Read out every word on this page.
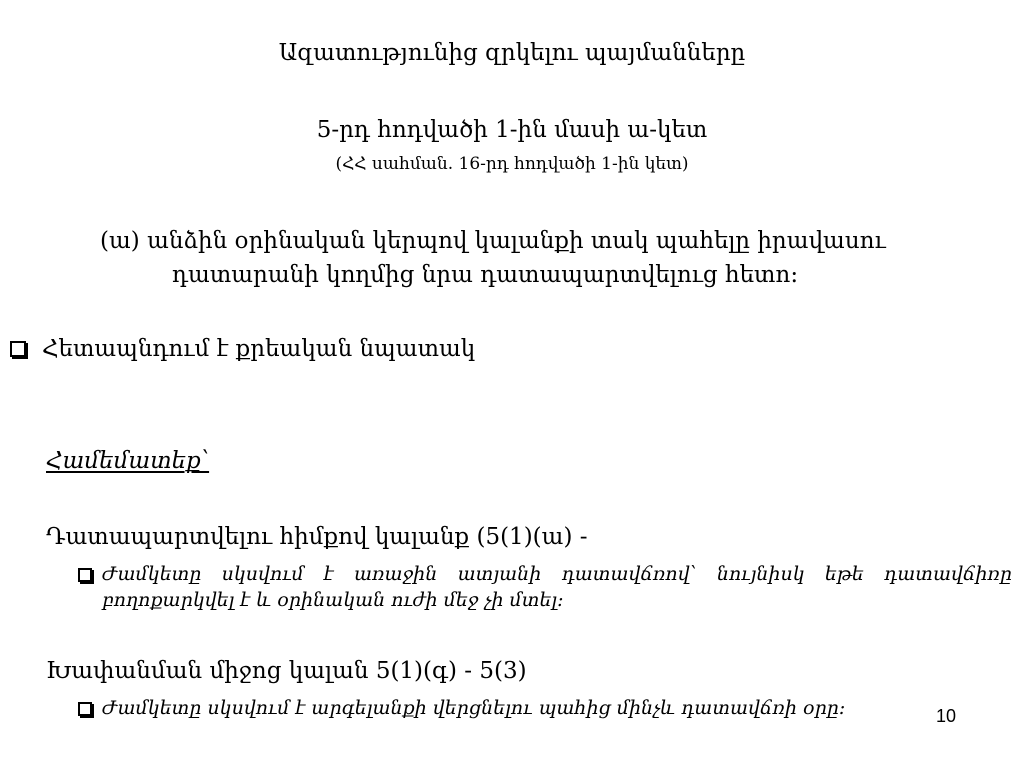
Ազատությունից զրկելու պայմանները
5-րդ հոդվածի 1-ին մասի ա-կետ
(ՀՀ սահման. 16-րդ հոդվածի 1-ին կետ)
(ա) անձին օրինական կերպով կալանքի տակ պահելը իրավասու
դատարանի կողմից նրա դատապարտվելուց հետո:
Հետապնդում է քրեական նպատակ
Համեմատեք՝
Դատապարտվելու հիմքով կալանք (5(1)(ա) -
Ժամկետը սկսվում է առաջին ատյանի դատավճռով՝ նույնիսկ եթե դատավճիռը բողոքարկվել է և օրինական ուժի մեջ չի մտել:
Խափանման միջոց կալան 5(1)(գ) - 5(3)
Ժամկետը սկսվում է արգելանքի վերցնելու պահից մինչև դատավճռի օրը:	10
